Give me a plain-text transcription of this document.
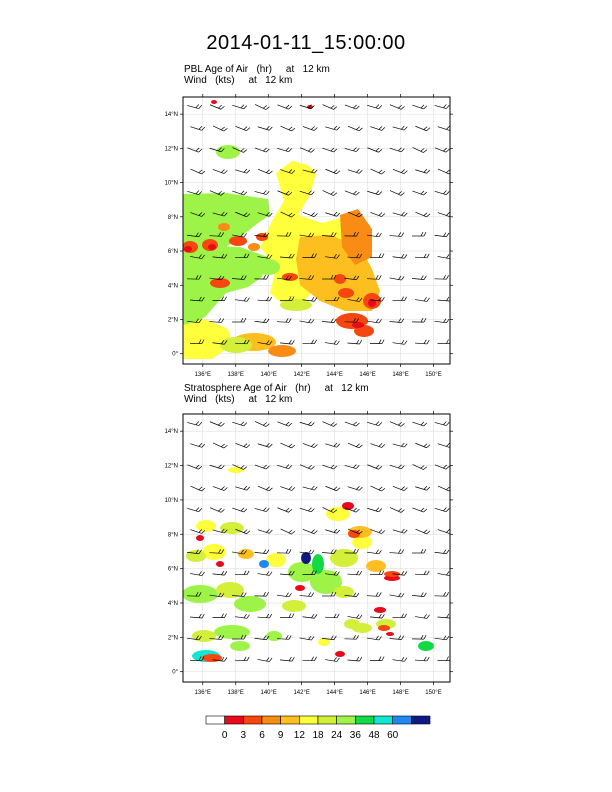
2014-01-11_15:00:00
PBL Age of Air   (hr)     at   12 km
Wind   (kts)     at   12 km
Stratosphere Age of Air   (hr)     at   12 km
Wind   (kts)     at   12 km
136°E	138°E	140°E	142°E	144°E	146°E	148°E	150°E
0°
2°N
4°N
6°N
8°N
10°N
12°N
14°N
136°E	138°E	140°E	142°E	144°E	146°E	148°E	150°E
0°
2°N
4°N
6°N
8°N
10°N
12°N
14°N
0 3 6 9 12 18 24 36 48 60
